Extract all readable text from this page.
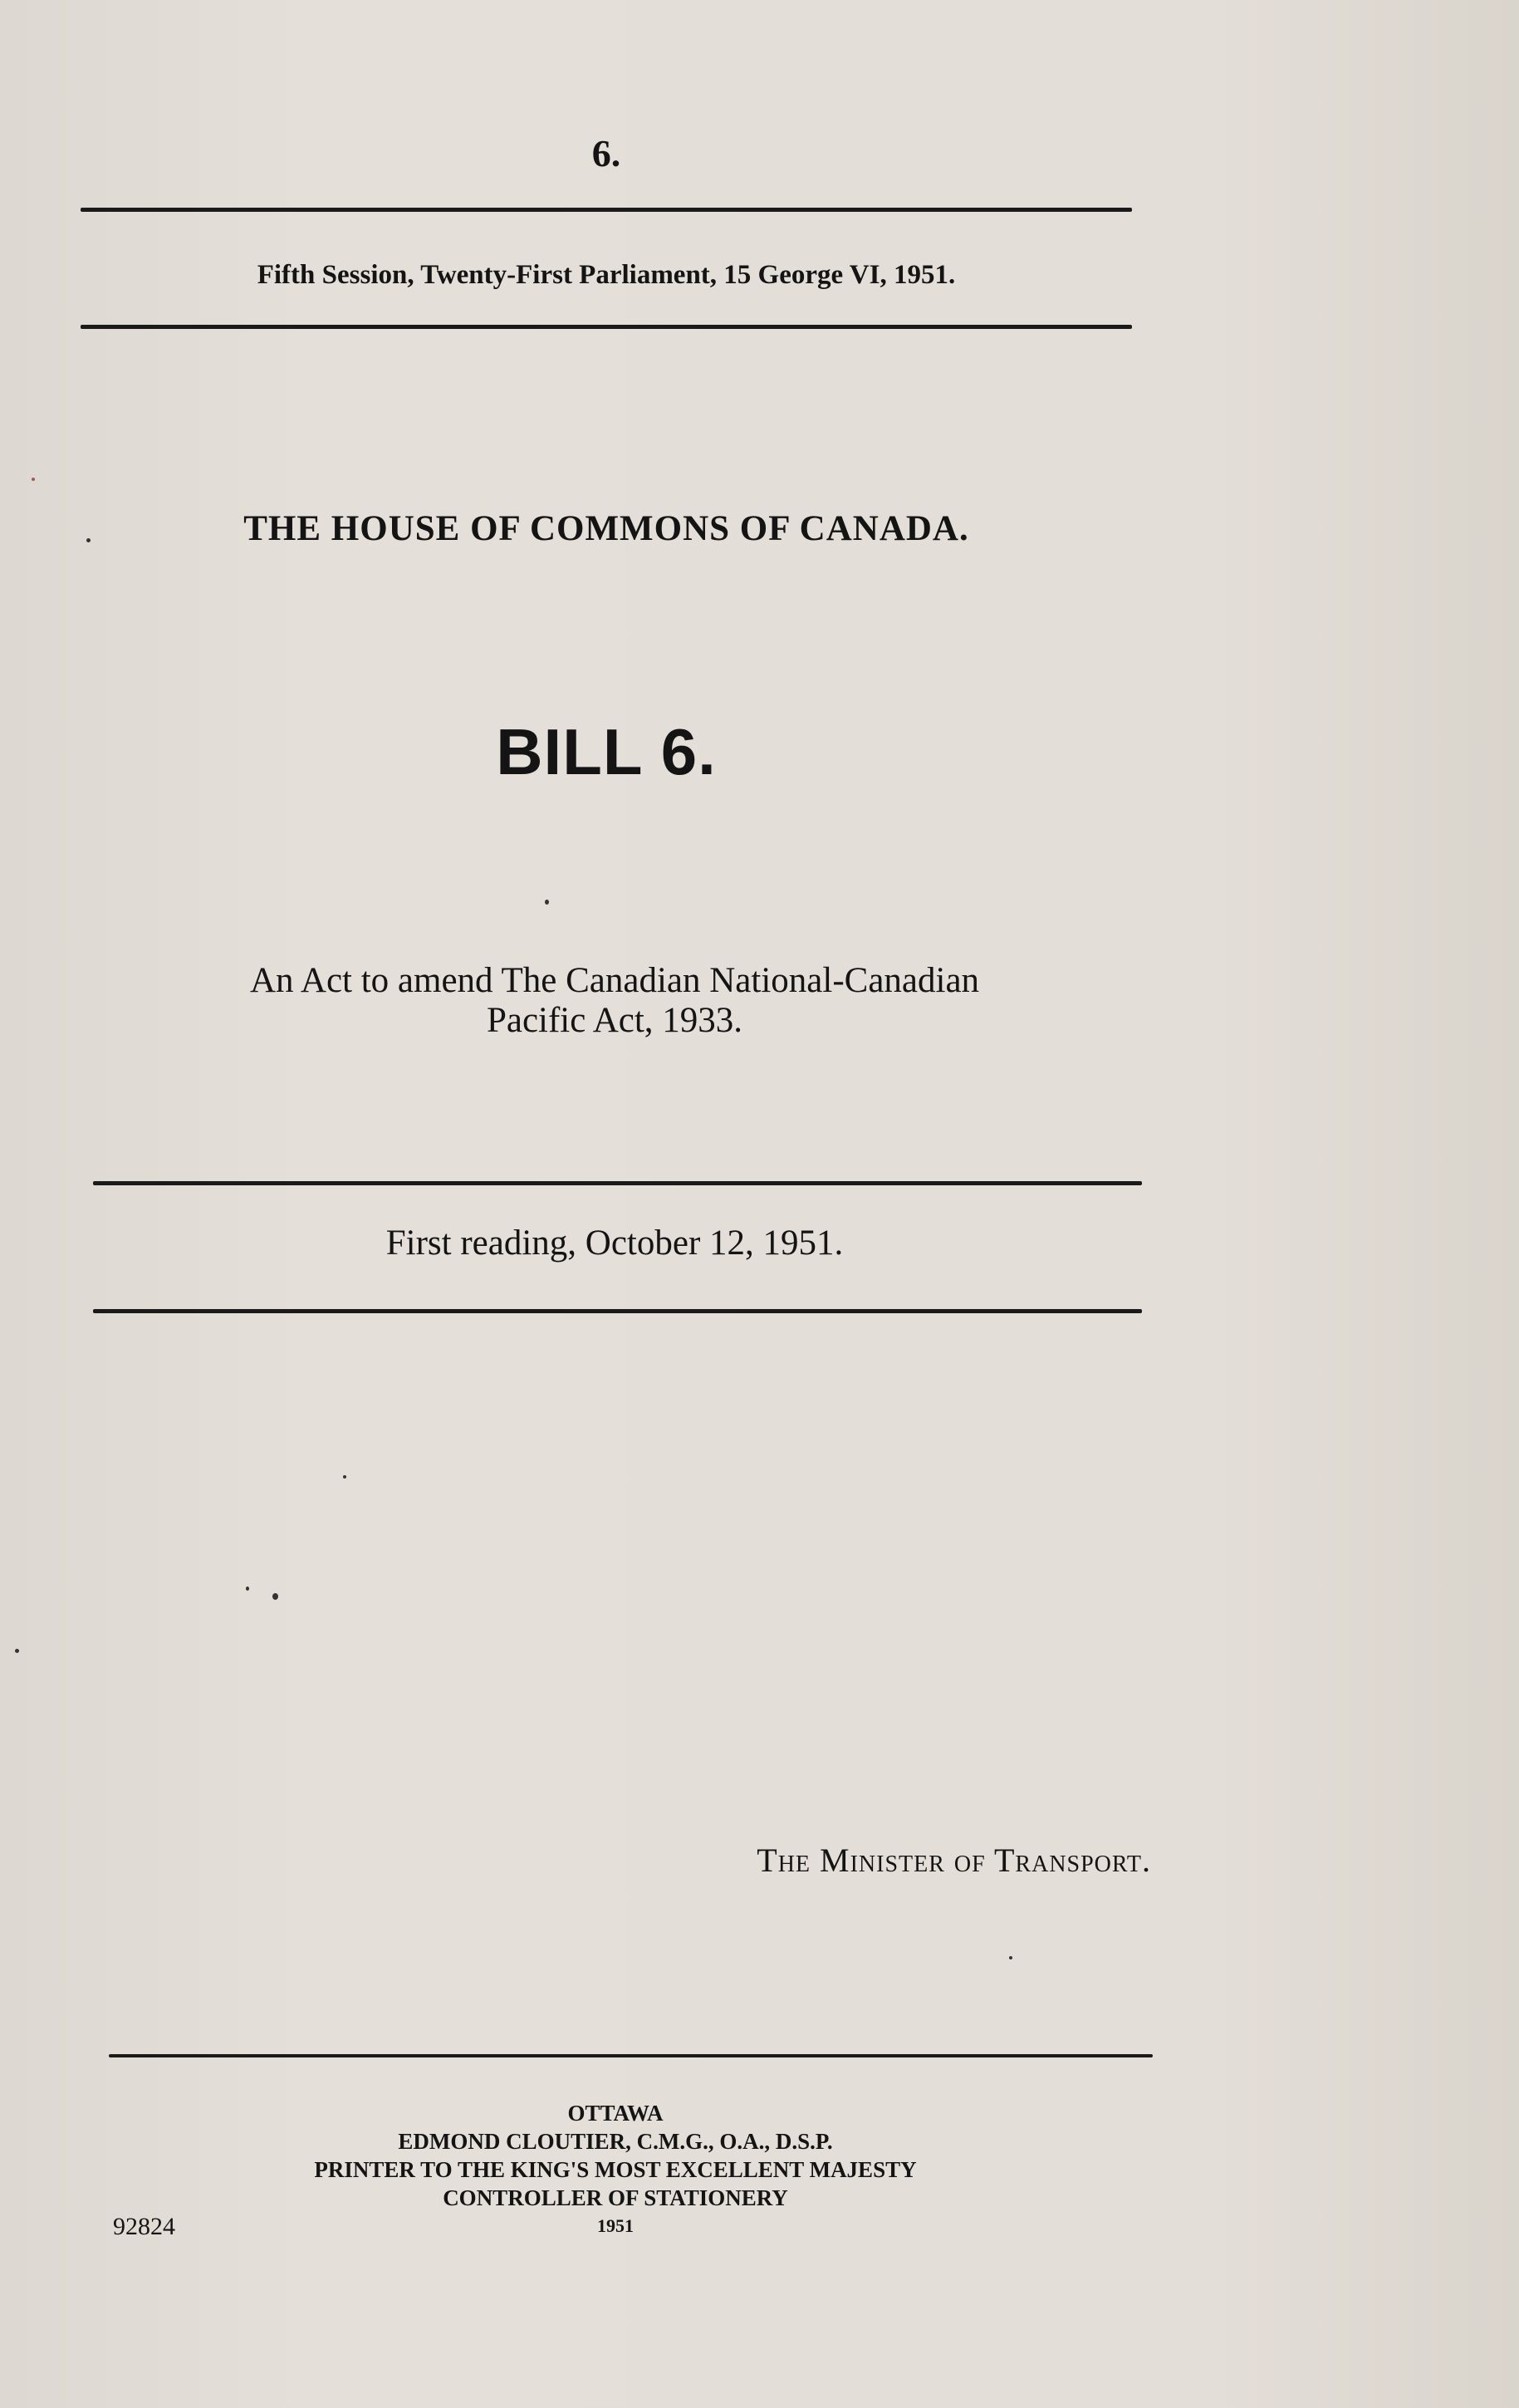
6.
Fifth Session, Twenty-First Parliament, 15 George VI, 1951.
THE HOUSE OF COMMONS OF CANADA.
BILL 6.
An Act to amend The Canadian National-Canadian
Pacific Act, 1933.
First reading, October 12, 1951.
The Minister of Transport.
OTTAWA
EDMOND CLOUTIER, C.M.G., O.A., D.S.P.
PRINTER TO THE KING'S MOST EXCELLENT MAJESTY
CONTROLLER OF STATIONERY
1951
92824
